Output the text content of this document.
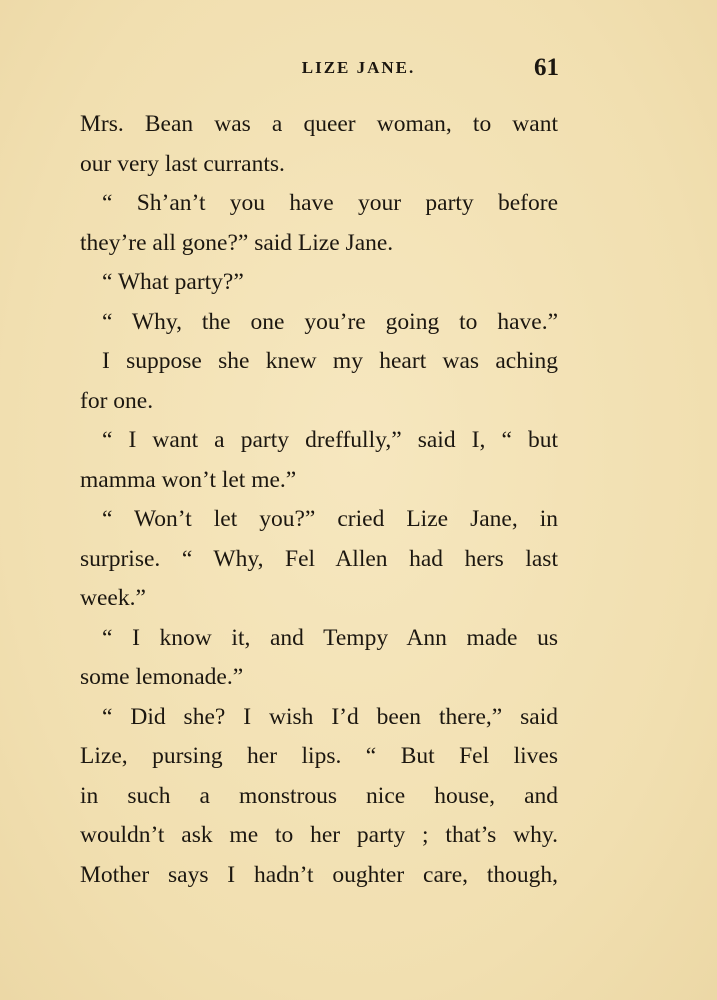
LIZE JANE.	61
Mrs. Bean was a queer woman, to want
our very last currants.
“ Sh’an’t you have your party before
they’re all gone?” said Lize Jane.
“ What party?”
“ Why, the one you’re going to have.”
I suppose she knew my heart was aching
for one.
“ I want a party dreffully,” said I, “ but
mamma won’t let me.”
“ Won’t let you?” cried Lize Jane, in
surprise. “ Why, Fel Allen had hers last
week.”
“ I know it, and Tempy Ann made us
some lemonade.”
“ Did she? I wish I’d been there,” said
Lize, pursing her lips. “ But Fel lives
in such a monstrous nice house, and
wouldn’t ask me to her party ; that’s why.
Mother says I hadn’t oughter care, though,
